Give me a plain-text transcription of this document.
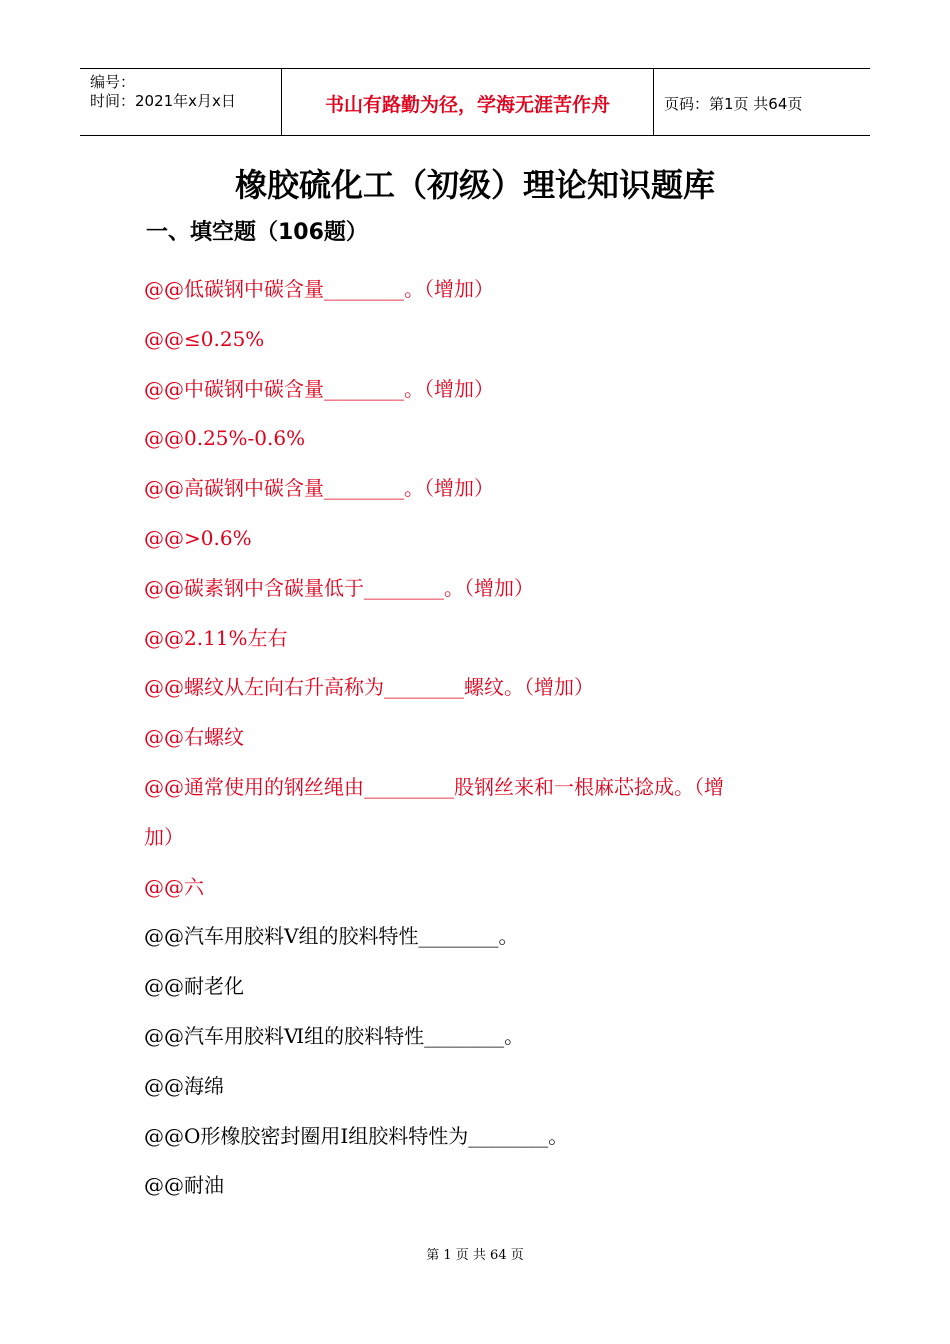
编号：
时间：2021年x月x日	书山有路勤为径，学海无涯苦作舟	页码：第1页 共64页
橡胶硫化工（初级）理论知识题库
一、填空题（106题）
@@低碳钢中碳含量________。（增加）
@@≤0.25%
@@中碳钢中碳含量________。（增加）
@@0.25%-0.6%
@@高碳钢中碳含量________。（增加）
@@>0.6%
@@碳素钢中含碳量低于________。（增加）
@@2.11%左右
@@螺纹从左向右升高称为________螺纹。（增加）
@@右螺纹
@@通常使用的钢丝绳由_________股钢丝来和一根麻芯捻成。（增
加）
@@六
@@汽车用胶料Ⅴ组的胶料特性________。
@@耐老化
@@汽车用胶料Ⅵ组的胶料特性________。
@@海绵
@@O形橡胶密封圈用Ⅰ组胶料特性为________。
@@耐油
第 1 页 共 64 页
